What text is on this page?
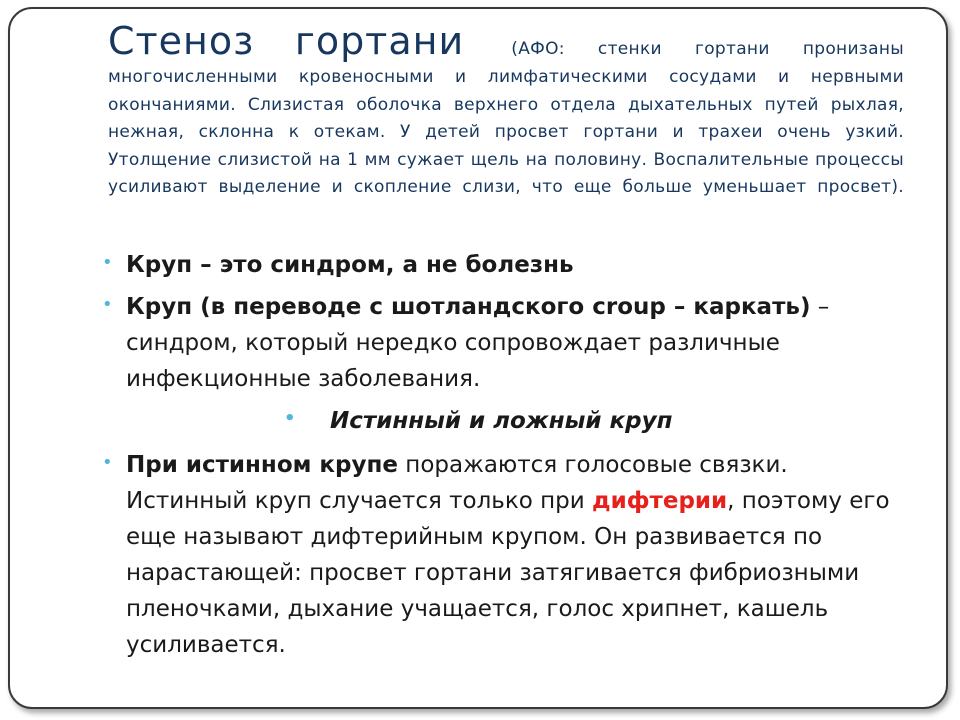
Стеноз гортани	(АФО: стенки гортани пронизаны многочисленными кровеносными и лимфатическими сосудами и нервными окончаниями. Слизистая оболочка верхнего отдела дыхательных путей рыхлая, нежная, склонна к отекам. У детей просвет гортани и трахеи очень узкий. Утолщение слизистой на 1 мм сужает щель на половину. Воспалительные процессы усиливают выделение и скопление слизи, что еще больше уменьшает просвет).
• Круп – это синдром, а не болезнь
• Круп (в переводе с шотландского croup – каркать) – синдром, который нередко сопровождает различные инфекционные заболевания.
• Истинный и ложный круп
• При истинном крупе поражаются голосовые связки. Истинный круп случается только при дифтерии, поэтому его еще называют дифтерийным крупом. Он развивается по нарастающей: просвет гортани затягивается фибриозными пленочками, дыхание учащается, голос хрипнет, кашель усиливается.
